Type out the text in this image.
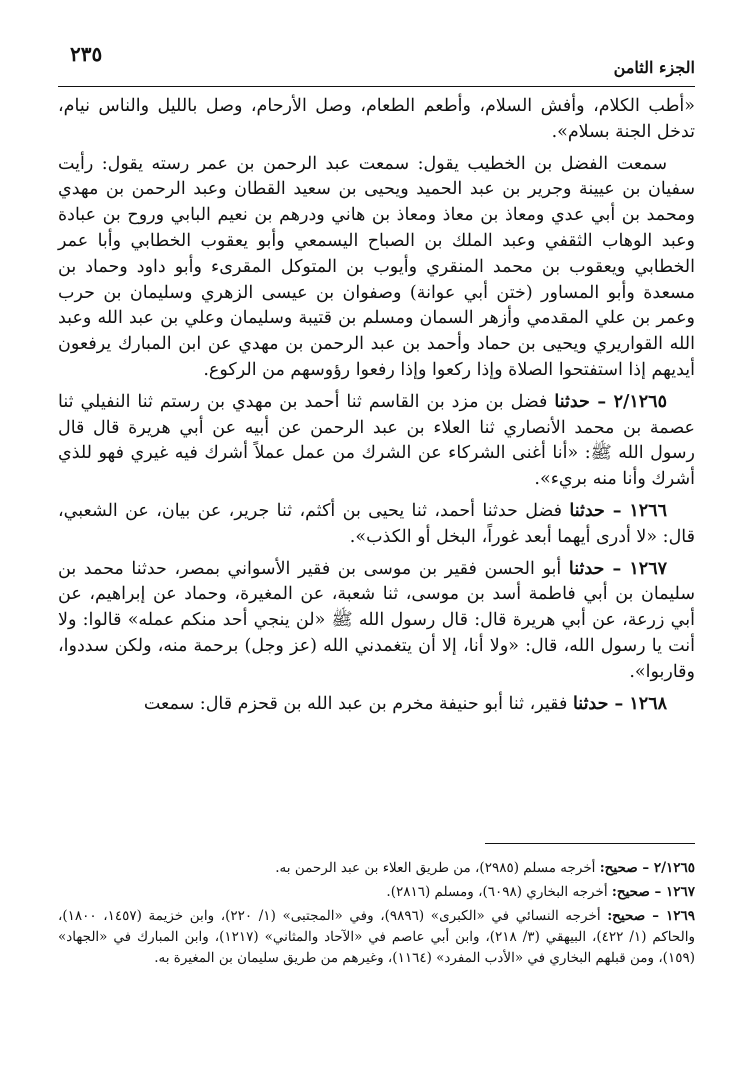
الجزء الثامن
٢٣٥

«أطب الكلام، وأفش السلام، وأطعم الطعام، وصل الأرحام، وصل بالليل والناس نيام، تدخل الجنة بسلام».

سمعت الفضل بن الخطيب يقول: سمعت عبد الرحمن بن عمر رسته يقول: رأيت سفيان بن عيينة وجرير بن عبد الحميد ويحيى بن سعيد القطان وعبد الرحمن بن مهدي ومحمد بن أبي عدي ومعاذ بن معاذ ومعاذ بن هاني ودرهم بن نعيم البابي وروح بن عبادة وعبد الوهاب الثقفي وعبد الملك بن الصباح اليسمعي وأبو يعقوب الخطابي وأبا عمر الخطابي ويعقوب بن محمد المنقري وأيوب بن المتوكل المقرىء وأبو داود وحماد بن مسعدة وأبو المساور (ختن أبي عوانة) وصفوان بن عيسى الزهري وسليمان بن حرب وعمر بن علي المقدمي وأزهر السمان ومسلم بن قتيبة وسليمان وعلي بن عبد الله وعبد الله القواريري ويحيى بن حماد وأحمد بن عبد الرحمن بن مهدي عن ابن المبارك يرفعون أيديهم إذا استفتحوا الصلاة وإذا ركعوا وإذا رفعوا رؤوسهم من الركوع.

٢/١٢٦٥ – حدثنا فضل بن مزد بن القاسم ثنا أحمد بن مهدي بن رستم ثنا النفيلي ثنا عصمة بن محمد الأنصاري ثنا العلاء بن عبد الرحمن عن أبيه عن أبي هريرة قال قال رسول الله ﷺ: «أنا أغنى الشركاء عن الشرك من عمل عملاً أشرك فيه غيري فهو للذي أشرك وأنا منه بريء».

١٢٦٦ – حدثنا فضل حدثنا أحمد، ثنا يحيى بن أكثم، ثنا جرير، عن بيان، عن الشعبي، قال: «لا أدرى أيهما أبعد غوراً، البخل أو الكذب».

١٢٦٧ – حدثنا أبو الحسن فقير بن موسى بن فقير الأسواني بمصر، حدثنا محمد بن سليمان بن أبي فاطمة أسد بن موسى، ثنا شعبة، عن المغيرة، وحماد عن إبراهيم، عن أبي زرعة، عن أبي هريرة قال: قال رسول الله ﷺ «لن ينجي أحد منكم عمله» قالوا: ولا أنت يا رسول الله، قال: «ولا أنا، إلا أن يتغمدني الله (عز وجل) برحمة منه، ولكن سددوا، وقاربوا».

١٢٦٨ – حدثنا فقير، ثنا أبو حنيفة مخرم بن عبد الله بن قحزم قال: سمعت

٢/١٢٦٥ – صحيح: أخرجه مسلم (٢٩٨٥)، من طريق العلاء بن عبد الرحمن به.

١٢٦٧ – صحيح: أخرجه البخاري (٦٠٩٨)، ومسلم (٢٨١٦).

١٢٦٩ – صحيح: أخرجه النسائي في «الكبرى» (٩٨٩٦)، وفي «المجتبى» (١/ ٢٢٠)، وابن خزيمة (١٤٥٧، ١٨٠٠)، والحاكم (١/ ٤٢٢)، البيهقي (٣/ ٢١٨)، وابن أبي عاصم في «الآحاد والمثاني» (١٢١٧)، وابن المبارك في «الجهاد» (١٥٩)، ومن قبلهم البخاري في «الأدب المفرد» (١١٦٤)، وغيرهم من طريق سليمان بن المغيرة به.
